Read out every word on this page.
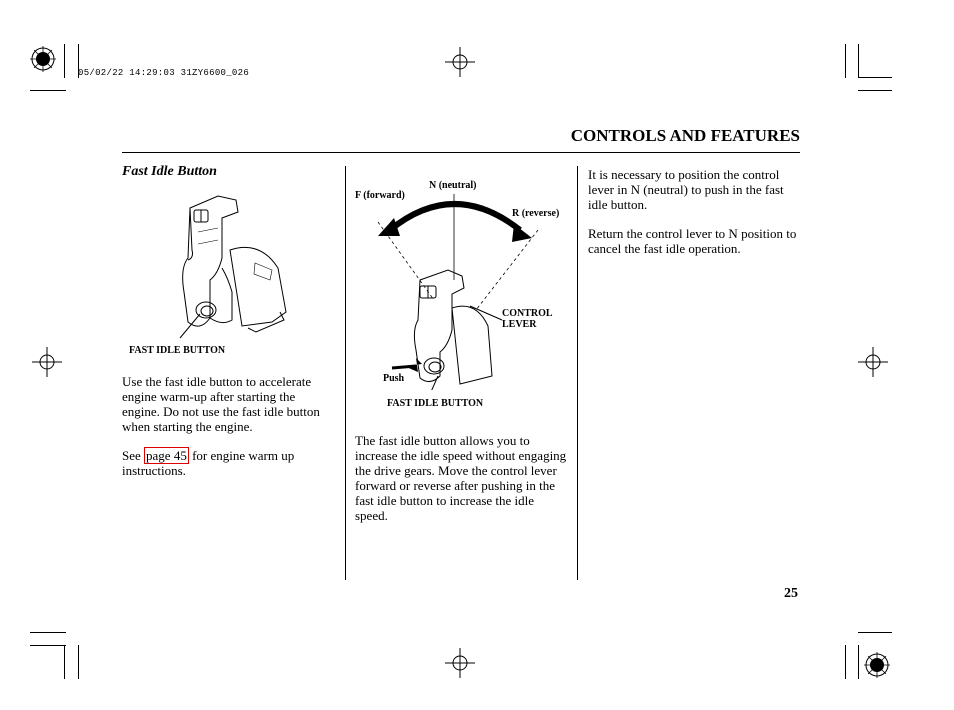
05/02/22 14:29:03 31ZY6600_026
CONTROLS AND FEATURES
Fast Idle Button
FAST IDLE BUTTON
Use the fast idle button to accelerate engine warm-up after starting the engine. Do not use the fast idle button when starting the engine.
See page 45 for engine warm up instructions.
N (neutral)
F (forward)
R (reverse)
CONTROL
LEVER
Push
FAST IDLE BUTTON
The fast idle button allows you to increase the idle speed without engaging the drive gears. Move the control lever forward or reverse after pushing in the fast idle button to increase the idle speed.
It is necessary to position the control lever in N (neutral) to push in the fast idle button.
Return the control lever to N position to cancel the fast idle operation.
25
